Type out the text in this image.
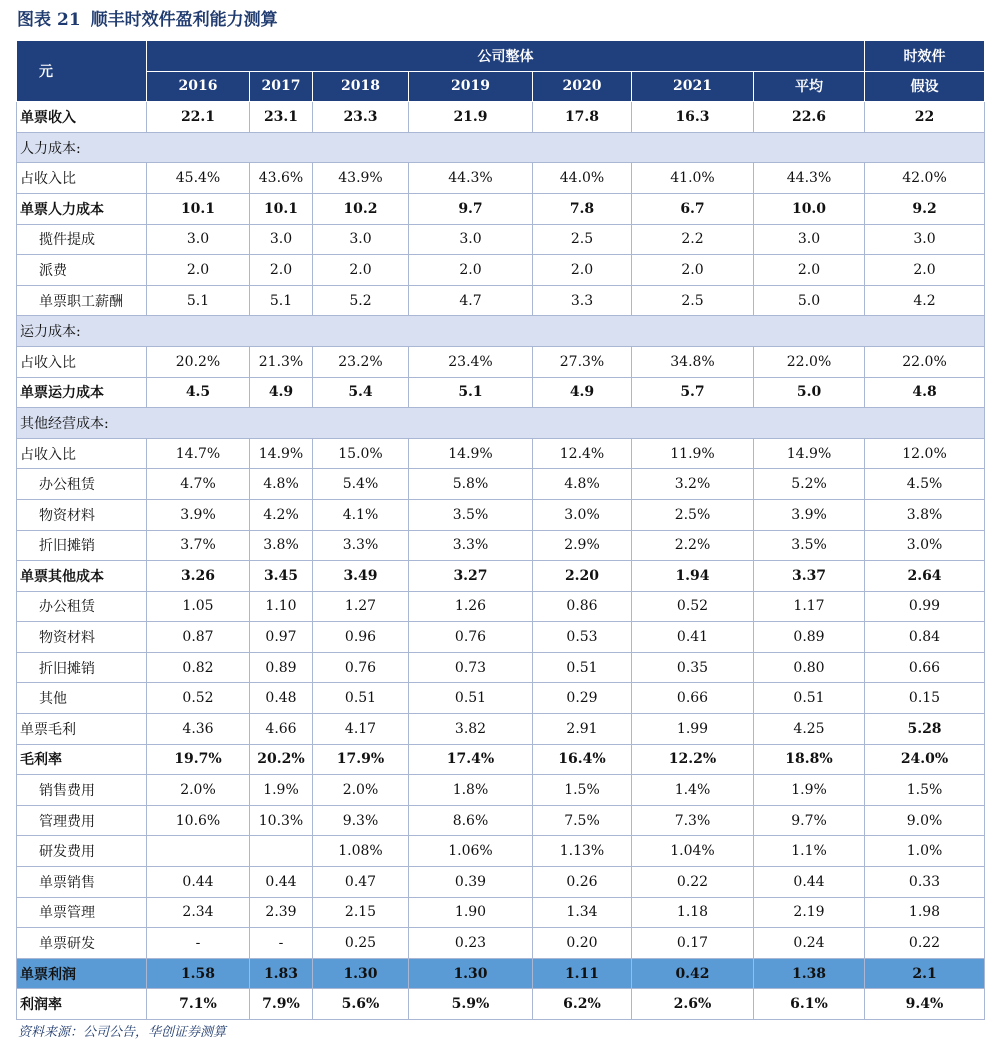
图表 21 顺丰时效件盈利能力测算
元	公司整体							时效件
	2016	2017	2018	2019	2020	2021	平均	假设
单票收入	22.1	23.1	23.3	21.9	17.8	16.3	22.6	22
人力成本:								
占收入比	45.4%	43.6%	43.9%	44.3%	44.0%	41.0%	44.3%	42.0%
单票人力成本	10.1	10.1	10.2	9.7	7.8	6.7	10.0	9.2
揽件提成	3.0	3.0	3.0	3.0	2.5	2.2	3.0	3.0
派费	2.0	2.0	2.0	2.0	2.0	2.0	2.0	2.0
单票职工薪酬	5.1	5.1	5.2	4.7	3.3	2.5	5.0	4.2
运力成本:								
占收入比	20.2%	21.3%	23.2%	23.4%	27.3%	34.8%	22.0%	22.0%
单票运力成本	4.5	4.9	5.4	5.1	4.9	5.7	5.0	4.8
其他经营成本:								
占收入比	14.7%	14.9%	15.0%	14.9%	12.4%	11.9%	14.9%	12.0%
办公租赁	4.7%	4.8%	5.4%	5.8%	4.8%	3.2%	5.2%	4.5%
物资材料	3.9%	4.2%	4.1%	3.5%	3.0%	2.5%	3.9%	3.8%
折旧摊销	3.7%	3.8%	3.3%	3.3%	2.9%	2.2%	3.5%	3.0%
单票其他成本	3.26	3.45	3.49	3.27	2.20	1.94	3.37	2.64
办公租赁	1.05	1.10	1.27	1.26	0.86	0.52	1.17	0.99
物资材料	0.87	0.97	0.96	0.76	0.53	0.41	0.89	0.84
折旧摊销	0.82	0.89	0.76	0.73	0.51	0.35	0.80	0.66
其他	0.52	0.48	0.51	0.51	0.29	0.66	0.51	0.15
单票毛利	4.36	4.66	4.17	3.82	2.91	1.99	4.25	5.28
毛利率	19.7%	20.2%	17.9%	17.4%	16.4%	12.2%	18.8%	24.0%
销售费用	2.0%	1.9%	2.0%	1.8%	1.5%	1.4%	1.9%	1.5%
管理费用	10.6%	10.3%	9.3%	8.6%	7.5%	7.3%	9.7%	9.0%
研发费用			1.08%	1.06%	1.13%	1.04%	1.1%	1.0%
单票销售	0.44	0.44	0.47	0.39	0.26	0.22	0.44	0.33
单票管理	2.34	2.39	2.15	1.90	1.34	1.18	2.19	1.98
单票研发	-	-	0.25	0.23	0.20	0.17	0.24	0.22
单票利润	1.58	1.83	1.30	1.30	1.11	0.42	1.38	2.1
利润率	7.1%	7.9%	5.6%	5.9%	6.2%	2.6%	6.1%	9.4%
资料来源：公司公告，华创证券测算
